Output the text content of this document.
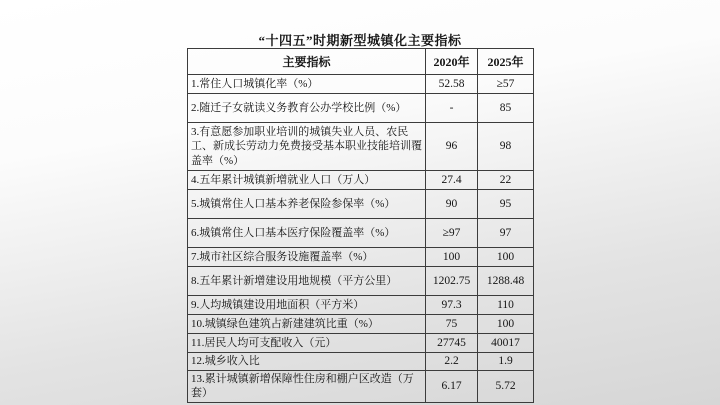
“十四五”时期新型城镇化主要指标
主要指标	2020年	2025年
1.常住人口城镇化率（%）	52.58	≥57
2.随迁子女就读义务教育公办学校比例（%）	-	85
3.有意愿参加职业培训的城镇失业人员、农民工、新成长劳动力免费接受基本职业技能培训覆盖率（%）	96	98
4.五年累计城镇新增就业人口（万人）	27.4	22
5.城镇常住人口基本养老保险参保率（%）	90	95
6.城镇常住人口基本医疗保险覆盖率（%）	≥97	97
7.城市社区综合服务设施覆盖率（%）	100	100
8.五年累计新增建设用地规模（平方公里）	1202.75	1288.48
9.人均城镇建设用地面积（平方米）	97.3	110
10.城镇绿色建筑占新建建筑比重（%）	75	100
11.居民人均可支配收入（元）	27745	40017
12.城乡收入比	2.2	1.9
13.累计城镇新增保障性住房和棚户区改造（万套）	6.17	5.72
